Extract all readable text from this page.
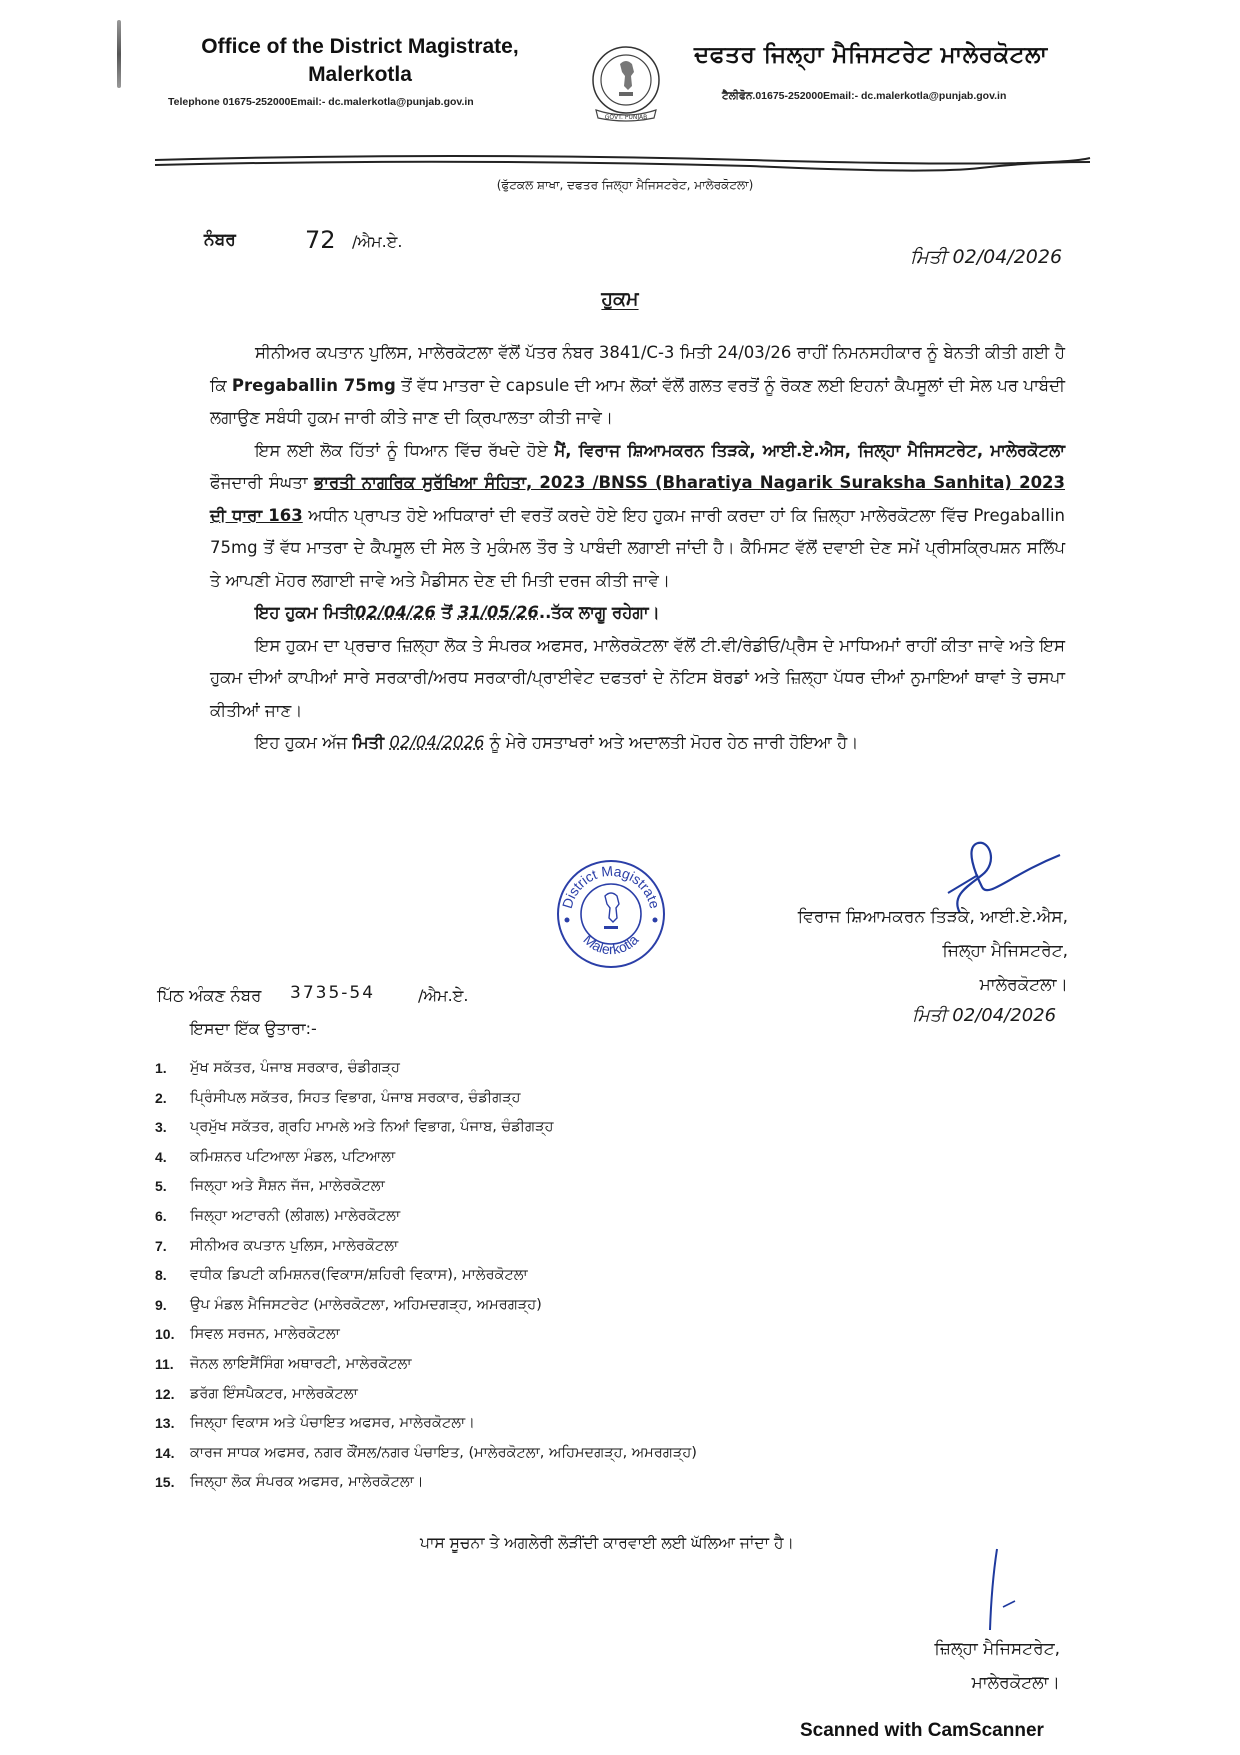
Office of the District Magistrate,
Malerkotla
Telephone 01675-252000Email:- dc.malerkotla@punjab.gov.in
GOVT. PUNJAB
ਦਫਤਰ ਜਿਲ੍ਹਾ ਮੈਜਿਸਟਰੇਟ ਮਾਲੇਰਕੋਟਲਾ
ਟੈਲੀਫੋਨ.01675-252000Email:- dc.malerkotla@punjab.gov.in
(ਫੁੱਟਕਲ ਸ਼ਾਖਾ, ਦਫਤਰ ਜਿਲ੍ਹਾ ਮੈਜਿਸਟਰੇਟ, ਮਾਲੇਰਕੋਟਲਾ)
ਨੰਬਰ	72 /ਐਮ.ਏ.
ਮਿਤੀ 02/04/2026
ਹੁਕਮ

ਸੀਨੀਅਰ ਕਪਤਾਨ ਪੁਲਿਸ, ਮਾਲੇਰਕੋਟਲਾ ਵੱਲੋਂ ਪੱਤਰ ਨੰਬਰ 3841/C-3 ਮਿਤੀ 24/03/26 ਰਾਹੀਂ ਨਿਮਨਸਹੀਕਾਰ ਨੂੰ ਬੇਨਤੀ ਕੀਤੀ ਗਈ ਹੈ ਕਿ Pregaballin 75mg ਤੋਂ ਵੱਧ ਮਾਤਰਾ ਦੇ capsule ਦੀ ਆਮ ਲੋਕਾਂ ਵੱਲੋਂ ਗਲਤ ਵਰਤੋਂ ਨੂੰ ਰੋਕਣ ਲਈ ਇਹਨਾਂ ਕੈਪਸੂਲਾਂ ਦੀ ਸੇਲ ਪਰ ਪਾਬੰਦੀ ਲਗਾਉਣ ਸਬੰਧੀ ਹੁਕਮ ਜਾਰੀ ਕੀਤੇ ਜਾਣ ਦੀ ਕ੍ਰਿਪਾਲਤਾ ਕੀਤੀ ਜਾਵੇ।

ਇਸ ਲਈ ਲੋਕ ਹਿੱਤਾਂ ਨੂੰ ਧਿਆਨ ਵਿੱਚ ਰੱਖਦੇ ਹੋਏ ਮੈਂ, ਵਿਰਾਜ ਸ਼ਿਆਮਕਰਨ ਤਿੜਕੇ, ਆਈ.ਏ.ਐਸ, ਜਿਲ੍ਹਾ ਮੈਜਿਸਟਰੇਟ, ਮਾਲੇਰਕੋਟਲਾ ਫੌਜਦਾਰੀ ਸੰਘਤਾ ਭਾਰਤੀ ਨਾਗਰਿਕ ਸੁਰੱਖਿਆ ਸੰਹਿਤਾ, 2023 /BNSS (Bharatiya Nagarik Suraksha Sanhita) 2023 ਦੀ ਧਾਰਾ 163 ਅਧੀਨ ਪ੍ਰਾਪਤ ਹੋਏ ਅਧਿਕਾਰਾਂ ਦੀ ਵਰਤੋਂ ਕਰਦੇ ਹੋਏ ਇਹ ਹੁਕਮ ਜਾਰੀ ਕਰਦਾ ਹਾਂ ਕਿ ਜ਼ਿਲ੍ਹਾ ਮਾਲੇਰਕੋਟਲਾ ਵਿੱਚ Pregaballin 75mg ਤੋਂ ਵੱਧ ਮਾਤਰਾ ਦੇ ਕੈਪਸੂਲ ਦੀ ਸੇਲ ਤੇ ਮੁਕੰਮਲ ਤੌਰ ਤੇ ਪਾਬੰਦੀ ਲਗਾਈ ਜਾਂਦੀ ਹੈ। ਕੈਮਿਸਟ ਵੱਲੋਂ ਦਵਾਈ ਦੇਣ ਸਮੇਂ ਪ੍ਰੀਸਕ੍ਰਿਪਸ਼ਨ ਸਲਿੱਪ ਤੇ ਆਪਣੀ ਮੋਹਰ ਲਗਾਈ ਜਾਵੇ ਅਤੇ ਮੈਡੀਸਨ ਦੇਣ ਦੀ ਮਿਤੀ ਦਰਜ ਕੀਤੀ ਜਾਵੇ।

ਇਹ ਹੁਕਮ ਮਿਤੀ02/04/26 ਤੋਂ 31/05/26..ਤੱਕ ਲਾਗੂ ਰਹੇਗਾ।

ਇਸ ਹੁਕਮ ਦਾ ਪ੍ਰਚਾਰ ਜ਼ਿਲ੍ਹਾ ਲੋਕ ਤੇ ਸੰਪਰਕ ਅਫਸਰ, ਮਾਲੇਰਕੋਟਲਾ ਵੱਲੋਂ ਟੀ.ਵੀ/ਰੇਡੀਓ/ਪ੍ਰੈਸ ਦੇ ਮਾਧਿਅਮਾਂ ਰਾਹੀਂ ਕੀਤਾ ਜਾਵੇ ਅਤੇ ਇਸ ਹੁਕਮ ਦੀਆਂ ਕਾਪੀਆਂ ਸਾਰੇ ਸਰਕਾਰੀ/ਅਰਧ ਸਰਕਾਰੀ/ਪ੍ਰਾਈਵੇਟ ਦਫਤਰਾਂ ਦੇ ਨੋਟਿਸ ਬੋਰਡਾਂ ਅਤੇ ਜ਼ਿਲ੍ਹਾ ਪੱਧਰ ਦੀਆਂ ਨੁਮਾਇਆਂ ਥਾਵਾਂ ਤੇ ਚਸਪਾ ਕੀਤੀਆਂ ਜਾਣ।

ਇਹ ਹੁਕਮ ਅੱਜ ਮਿਤੀ 02/04/2026 ਨੂੰ ਮੇਰੇ ਹਸਤਾਖਰਾਂ ਅਤੇ ਅਦਾਲਤੀ ਮੋਹਰ ਹੇਠ ਜਾਰੀ ਹੋਇਆ ਹੈ।

District Magistrate
Malerkotla
ਵਿਰਾਜ ਸ਼ਿਆਮਕਰਨ ਤਿੜਕੇ, ਆਈ.ਏ.ਐਸ,
ਜਿਲ੍ਹਾ ਮੈਜਿਸਟਰੇਟ,
ਮਾਲੇਰਕੋਟਲਾ।
ਮਿਤੀ 02/04/2026
ਪਿੱਠ ਅੰਕਣ ਨੰਬਰ 3735-54	/ਐਮ.ਏ.
ਇਸਦਾ ਇੱਕ ਉਤਾਰਾ:-
1.	ਮੁੱਖ ਸਕੱਤਰ, ਪੰਜਾਬ ਸਰਕਾਰ, ਚੰਡੀਗੜ੍ਹ
2.	ਪ੍ਰਿੰਸੀਪਲ ਸਕੱਤਰ, ਸਿਹਤ ਵਿਭਾਗ, ਪੰਜਾਬ ਸਰਕਾਰ, ਚੰਡੀਗੜ੍ਹ
3.	ਪ੍ਰਮੁੱਖ ਸਕੱਤਰ, ਗ੍ਰਹਿ ਮਾਮਲੇ ਅਤੇ ਨਿਆਂ ਵਿਭਾਗ, ਪੰਜਾਬ, ਚੰਡੀਗੜ੍ਹ
4.	ਕਮਿਸ਼ਨਰ ਪਟਿਆਲਾ ਮੰਡਲ, ਪਟਿਆਲਾ
5.	ਜਿਲ੍ਹਾ ਅਤੇ ਸੈਸ਼ਨ ਜੱਜ, ਮਾਲੇਰਕੋਟਲਾ
6.	ਜਿਲ੍ਹਾ ਅਟਾਰਨੀ (ਲੀਗਲ) ਮਾਲੇਰਕੋਟਲਾ
7.	ਸੀਨੀਅਰ ਕਪਤਾਨ ਪੁਲਿਸ, ਮਾਲੇਰਕੋਟਲਾ
8.	ਵਧੀਕ ਡਿਪਟੀ ਕਮਿਸ਼ਨਰ(ਵਿਕਾਸ/ਸ਼ਹਿਰੀ ਵਿਕਾਸ), ਮਾਲੇਰਕੋਟਲਾ
9.	ਉਪ ਮੰਡਲ ਮੈਜਿਸਟਰੇਟ (ਮਾਲੇਰਕੋਟਲਾ, ਅਹਿਮਦਗੜ੍ਹ, ਅਮਰਗੜ੍ਹ)
10.	ਸਿਵਲ ਸਰਜਨ, ਮਾਲੇਰਕੋਟਲਾ
11.	ਜੋਨਲ ਲਾਇਸੈਂਸਿੰਗ ਅਥਾਰਟੀ, ਮਾਲੇਰਕੋਟਲਾ
12.	ਡਰੱਗ ਇੰਸਪੈਕਟਰ, ਮਾਲੇਰਕੋਟਲਾ
13.	ਜਿਲ੍ਹਾ ਵਿਕਾਸ ਅਤੇ ਪੰਚਾਇਤ ਅਫਸਰ, ਮਾਲੇਰਕੋਟਲਾ।
14.	ਕਾਰਜ ਸਾਧਕ ਅਫਸਰ, ਨਗਰ ਕੌਂਸਲ/ਨਗਰ ਪੰਚਾਇਤ, (ਮਾਲੇਰਕੋਟਲਾ, ਅਹਿਮਦਗੜ੍ਹ, ਅਮਰਗੜ੍ਹ)
15.	ਜਿਲ੍ਹਾ ਲੋਕ ਸੰਪਰਕ ਅਫਸਰ, ਮਾਲੇਰਕੋਟਲਾ।
ਪਾਸ ਸੂਚਨਾ ਤੇ ਅਗਲੇਰੀ ਲੋੜੀਂਦੀ ਕਾਰਵਾਈ ਲਈ ਘੱਲਿਆ ਜਾਂਦਾ ਹੈ।
ਜ਼ਿਲ੍ਹਾ ਮੈਜਿਸਟਰੇਟ,
ਮਾਲੇਰਕੋਟਲਾ।
Scanned with CamScanner
